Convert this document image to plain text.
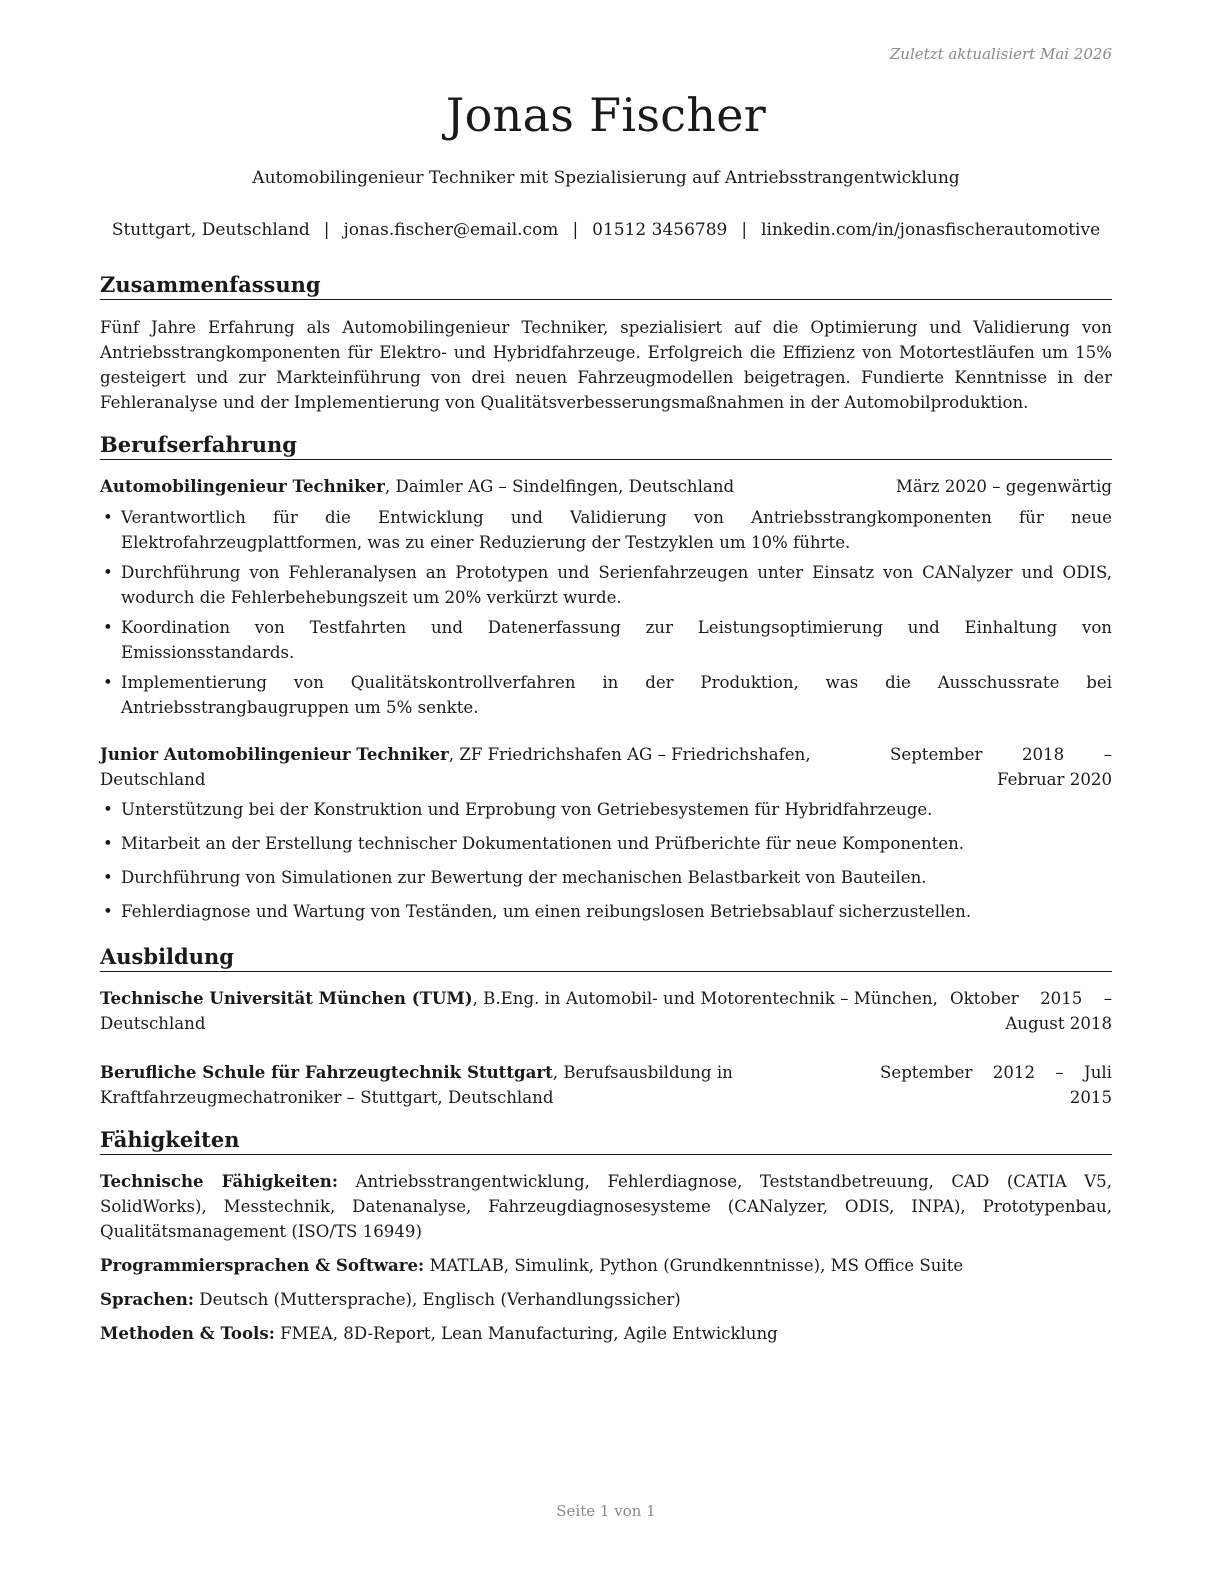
Zuletzt aktualisiert Mai 2026
Jonas Fischer
Automobilingenieur Techniker mit Spezialisierung auf Antriebsstrangentwicklung
Stuttgart, Deutschland | jonas.fischer@email.com | 01512 3456789 | linkedin.com/in/jonasfischerautomotive
Zusammenfassung

Fünf Jahre Erfahrung als Automobilingenieur Techniker, spezialisiert auf die Optimierung und Validierung von Antriebsstrangkomponenten für Elektro- und Hybridfahrzeuge. Erfolgreich die Effizienz von Motortestläufen um 15% gesteigert und zur Markteinführung von drei neuen Fahrzeugmodellen beigetragen. Fundierte Kenntnisse in der Fehleranalyse und der Implementierung von Qualitätsverbesserungsmaßnahmen in der Automobilproduktion.

Berufserfahrung
Automobilingenieur Techniker, Daimler AG – Sindelfingen, Deutschland	März 2020 – gegenwärtig
• Verantwortlich für die Entwicklung und Validierung von Antriebsstrangkomponenten für neue Elektrofahrzeugplattformen, was zu einer Reduzierung der Testzyklen um 10% führte.
• Durchführung von Fehleranalysen an Prototypen und Serienfahrzeugen unter Einsatz von CANalyzer und ODIS, wodurch die Fehlerbehebungszeit um 20% verkürzt wurde.
• Koordination von Testfahrten und Datenerfassung zur Leistungsoptimierung und Einhaltung von Emissionsstandards.
• Implementierung von Qualitätskontrollverfahren in der Produktion, was die Ausschussrate bei Antriebsstrangbaugruppen um 5% senkte.
Junior Automobilingenieur Techniker, ZF Friedrichshafen AG – Friedrichshafen, Deutschland
September 2018 – Februar 2020
• Unterstützung bei der Konstruktion und Erprobung von Getriebesystemen für Hybridfahrzeuge.
• Mitarbeit an der Erstellung technischer Dokumentationen und Prüfberichte für neue Komponenten.
• Durchführung von Simulationen zur Bewertung der mechanischen Belastbarkeit von Bauteilen.
• Fehlerdiagnose und Wartung von Teständen, um einen reibungslosen Betriebsablauf sicherzustellen.
Ausbildung
Technische Universität München (TUM), B.Eng. in Automobil- und Motorentechnik – München, Deutschland
Oktober 2015 – August 2018
Berufliche Schule für Fahrzeugtechnik Stuttgart, Berufsausbildung in Kraftfahrzeugmechatroniker – Stuttgart, Deutschland
September 2012 – Juli 2015
Fähigkeiten
Technische Fähigkeiten: Antriebsstrangentwicklung, Fehlerdiagnose, Teststandbetreuung, CAD (CATIA V5, SolidWorks), Messtechnik, Datenanalyse, Fahrzeugdiagnosesysteme (CANalyzer, ODIS, INPA), Prototypenbau, Qualitätsmanagement (ISO/TS 16949)
Programmiersprachen & Software: MATLAB, Simulink, Python (Grundkenntnisse), MS Office Suite
Sprachen: Deutsch (Muttersprache), Englisch (Verhandlungssicher)
Methoden & Tools: FMEA, 8D-Report, Lean Manufacturing, Agile Entwicklung
Seite 1 von 1
